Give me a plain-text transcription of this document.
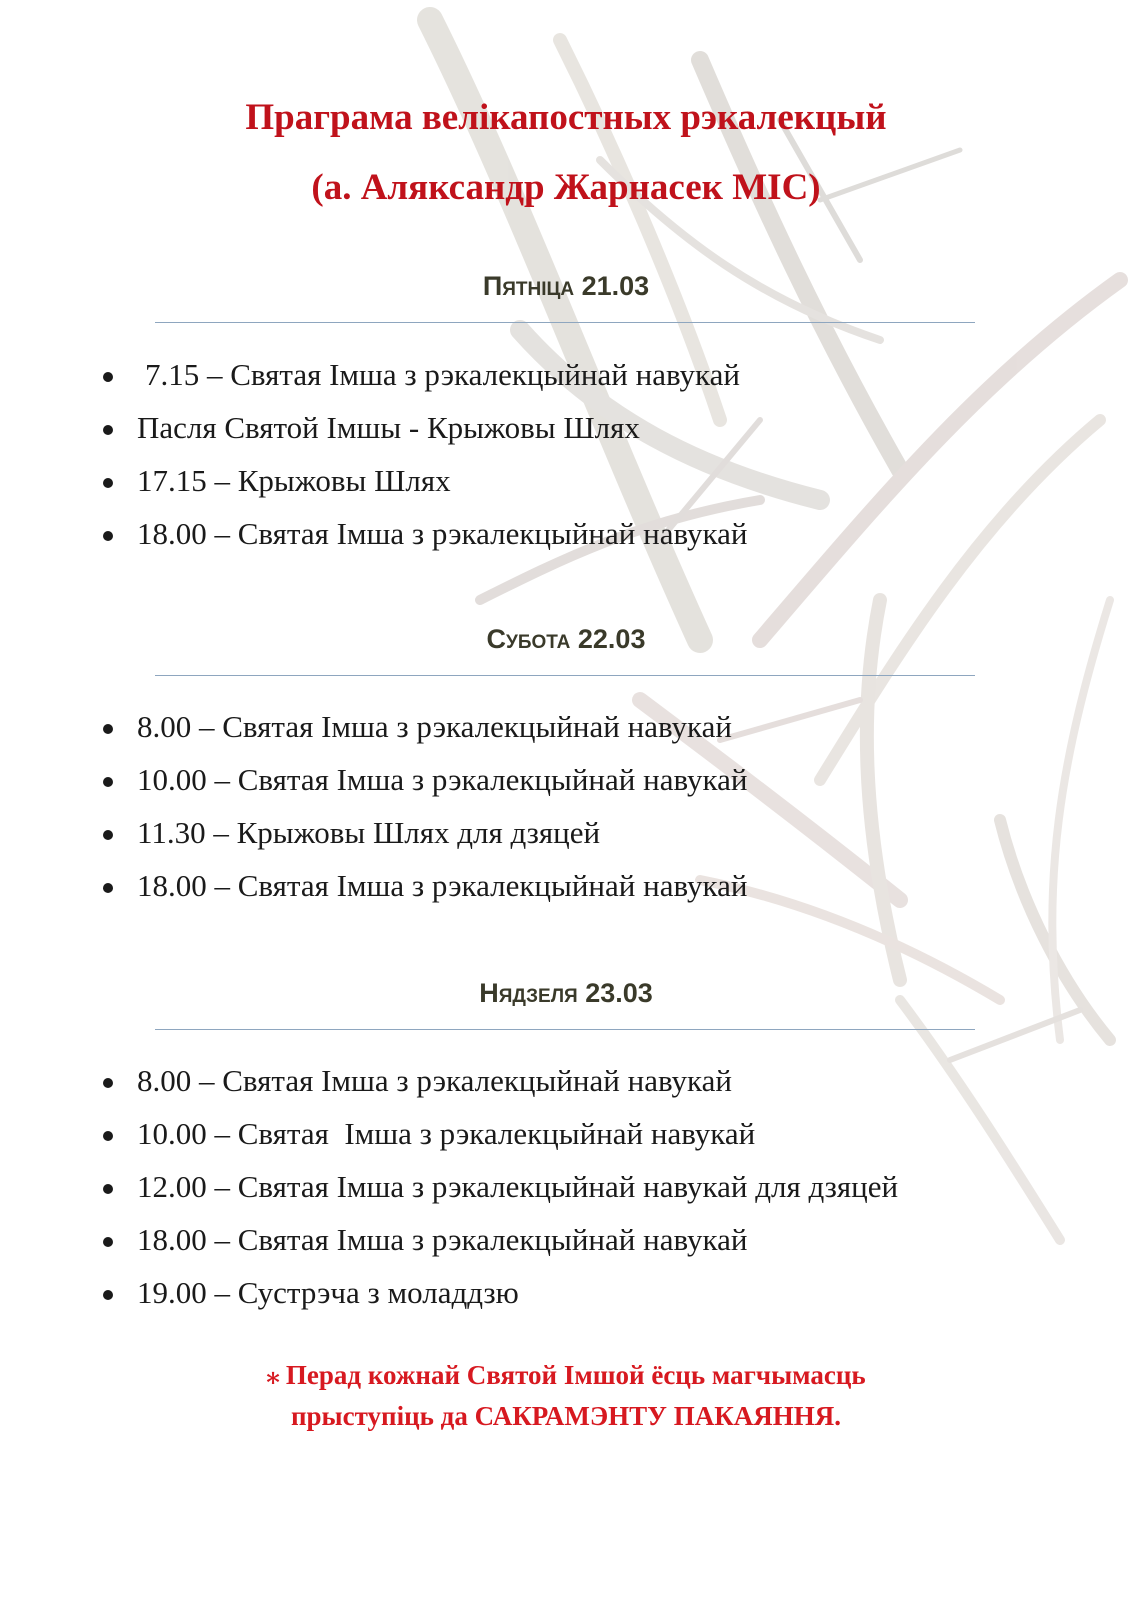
Праграма велікапостных рэкалекцый
(а. Аляксандр Жарнасек MIC)
Пятніца 21.03
7.15 – Святая Імша з рэкалекцыйнай навукай
Пасля Святой Імшы - Крыжовы Шлях
17.15 – Крыжовы Шлях
18.00 – Святая Імша з рэкалекцыйнай навукай
Субота 22.03
8.00 – Святая Імша з рэкалекцыйнай навукай
10.00 – Святая Імша з рэкалекцыйнай навукай
11.30 – Крыжовы Шлях для дзяцей
18.00 – Святая Імша з рэкалекцыйнай навукай
Нядзеля 23.03
8.00 – Святая Імша з рэкалекцыйнай навукай
10.00 – Святая  Імша з рэкалекцыйнай навукай
12.00 – Святая Імша з рэкалекцыйнай навукай для дзяцей
18.00 – Святая Імша з рэкалекцыйнай навукай
19.00 – Сустрэча з моладдзю
⁎ Перад кожнай Святой Імшой ёсць магчымасць
прыступіць да САКРАМЭНТУ ПАКАЯННЯ.
